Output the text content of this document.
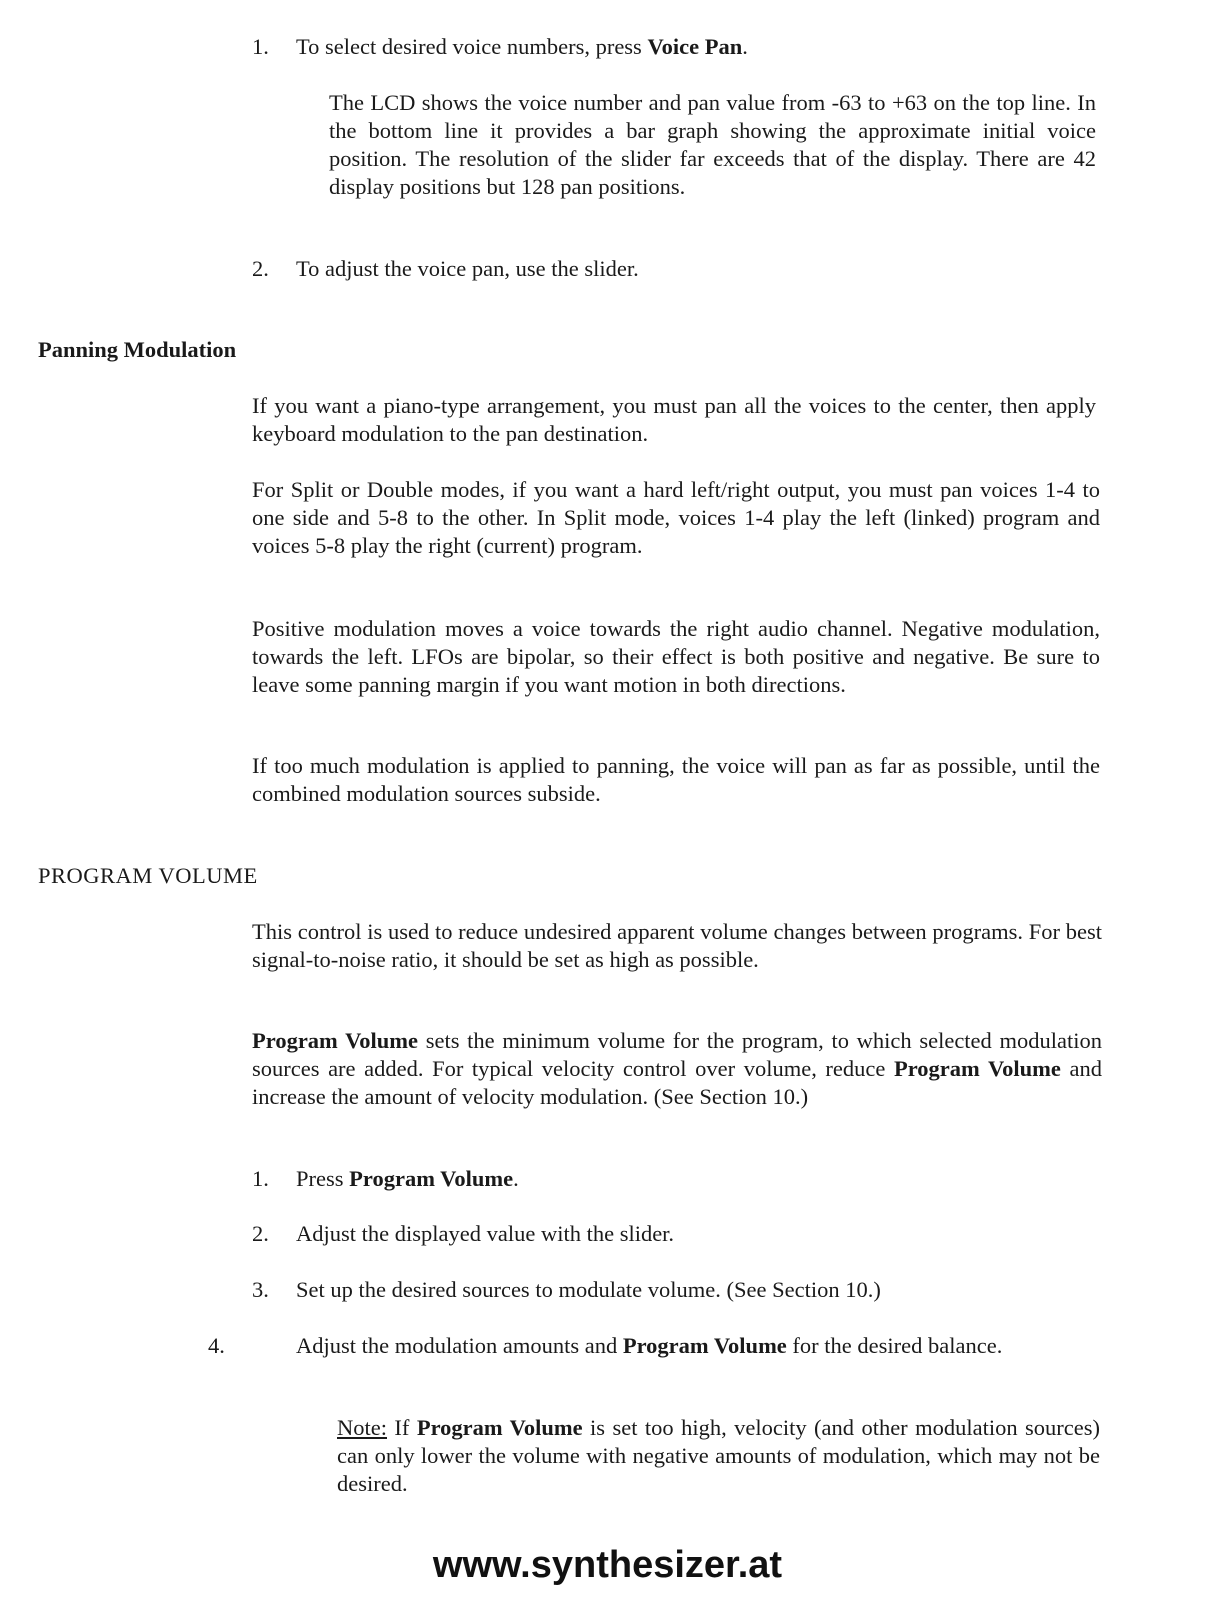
1. To select desired voice numbers, press Voice Pan.

The LCD shows the voice number and pan value from -63 to +63 on the top line. In the bottom line it provides a bar graph showing the approximate initial voice position. The resolution of the slider far exceeds that of the display. There are 42 display positions but 128 pan positions.

2. To adjust the voice pan, use the slider.

Panning Modulation

If you want a piano-type arrangement, you must pan all the voices to the center, then apply keyboard modulation to the pan destination.

For Split or Double modes, if you want a hard left/right output, you must pan voices 1-4 to one side and 5-8 to the other. In Split mode, voices 1-4 play the left (linked) program and voices 5-8 play the right (current) program.

Positive modulation moves a voice towards the right audio channel. Negative modulation, towards the left. LFOs are bipolar, so their effect is both positive and negative. Be sure to leave some panning margin if you want motion in both directions.

If too much modulation is applied to panning, the voice will pan as far as possible, until the combined modulation sources subside.

PROGRAM VOLUME

This control is used to reduce undesired apparent volume changes between programs. For best signal-to-noise ratio, it should be set as high as possible.

Program Volume sets the minimum volume for the program, to which selected modulation sources are added. For typical velocity control over volume, reduce Program Volume and increase the amount of velocity modulation. (See Section 10.)

1. Press Program Volume.

2. Adjust the displayed value with the slider.

3. Set up the desired sources to modulate volume. (See Section 10.)

4.	Adjust the modulation amounts and Program Volume for the desired balance.

Note: If Program Volume is set too high, velocity (and other modulation sources) can only lower the volume with negative amounts of modulation, which may not be desired.

www.synthesizer.at
